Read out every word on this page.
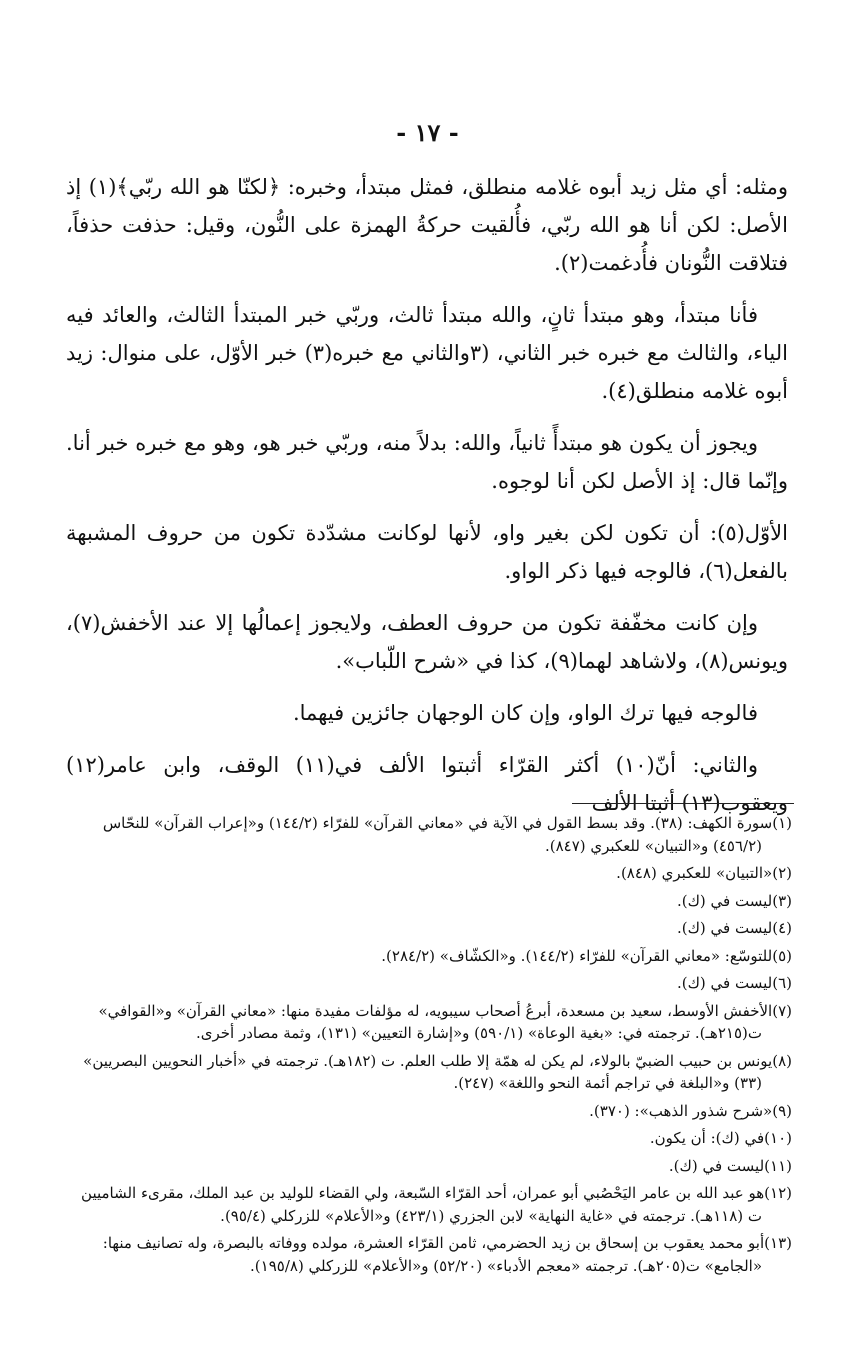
- ١٧ -

ومثله: أي مثل زيد أبوه غلامه منطلق، فمثل مبتدأ، وخبره: ﴿لكنّا هو الله ربّي﴾(١) إذ الأصل: لكن أنا هو الله ربّي، فأُلقيت حركةُ الهمزة على النُّون، وقيل: حذفت حذفاً، فتلاقت النُّونان فأُدغمت(٢).

فأنا مبتدأ، وهو مبتدأ ثانٍ، والله مبتدأ ثالث، وربّي خبر المبتدأ الثالث، والعائد فيه الياء، والثالث مع خبره خبر الثاني، (٣والثاني مع خبره(٣) خبر الأوّل، على منوال: زيد أبوه غلامه منطلق(٤).

ويجوز أن يكون هو مبتدأً ثانياً، والله: بدلاً منه، وربّي خبر هو، وهو مع خبره خبر أنا. وإنّما قال: إذ الأصل لكن أنا لوجوه.

الأوّل(٥): أن تكون لكن بغير واو، لأنها لوكانت مشدّدة تكون من حروف المشبهة بالفعل(٦)، فالوجه فيها ذكر الواو.

وإن كانت مخفّفة تكون من حروف العطف، ولايجوز إعمالُها إلا عند الأخفش(٧)، ويونس(٨)، ولاشاهد لهما(٩)، كذا في «شرح اللّباب».

فالوجه فيها ترك الواو، وإن كان الوجهان جائزين فيهما.

والثاني: أنّ(١٠) أكثر القرّاء أثبتوا الألف في(١١) الوقف، وابن عامر(١٢) ويعقوب(١٣) أثبتا الألف

(١)سورة الكهف: (٣٨). وقد بسط القول في الآية في «معاني القرآن» للفرّاء (١٤٤/٢) و«إعراب القرآن» للنحّاس (٤٥٦/٢) و«التبيان» للعكبري (٨٤٧).

(٢)«التبيان» للعكبري (٨٤٨).

(٣)ليست في (ك).

(٤)ليست في (ك).

(٥)للتوسّع: «معاني القرآن» للفرّاء (١٤٤/٢). و«الكشّاف» (٢٨٤/٢).

(٦)ليست في (ك).

(٧)الأخفش الأوسط، سعيد بن مسعدة، أبرعُ أصحاب سيبويه، له مؤلفات مفيدة منها: «معاني القرآن» و«القوافي» ت(٢١٥هـ). ترجمته في: «بغية الوعاة» (٥٩٠/١) و«إشارة التعيين» (١٣١)، وثمة مصادر أخرى.

(٨)يونس بن حبيب الضبيّ بالولاء، لم يكن له همّة إلا طلب العلم. ت (١٨٢هـ). ترجمته في «أخبار النحويين البصريين» (٣٣) و«البلغة في تراجم أئمة النحو واللغة» (٢٤٧).

(٩)«شرح شذور الذهب»: (٣٧٠).

(١٠)في (ك): أن يكون.

(١١)ليست في (ك).

(١٢)هو عبد الله بن عامر اليَحْصُبي أبو عمران، أحد القرّاء السّبعة، ولي القضاء للوليد بن عبد الملك، مقرىء الشاميين ت (١١٨هـ). ترجمته في «غاية النهاية» لابن الجزري (٤٢٣/١) و«الأعلام» للزركلي (٩٥/٤).

(١٣)أبو محمد يعقوب بن إسحاق بن زيد الحضرمي، ثامن القرّاء العشرة، مولده ووفاته بالبصرة، وله تصانيف منها: «الجامع» ت(٢٠٥هـ). ترجمته «معجم الأدباء» (٥٢/٢٠) و«الأعلام» للزركلي (١٩٥/٨).
